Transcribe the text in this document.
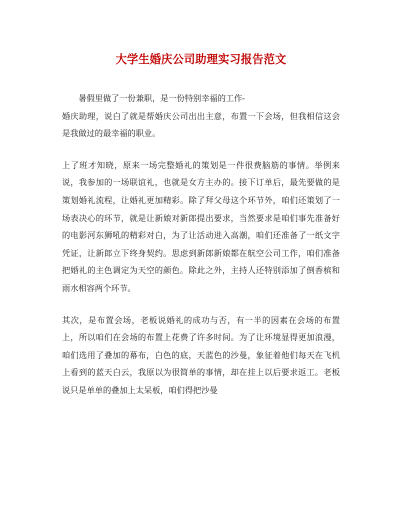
大学生婚庆公司助理实习报告范文

暑假里做了一份兼职，是一份特别幸福的工作-

婚庆助理，说白了就是帮婚庆公司出出主意，布置一下会场，但我相信这会是我做过的最幸福的职业。

上了班才知晓，原来一场完整婚礼的策划是一件很费脑筋的事情。举例来说，我参加的一场联谊礼，也就是女方主办的。接下订单后，最先要做的是策划婚礼流程，让婚礼更加精彩。除了拜父母这个环节外，咱们还策划了一场表决心的环节，就是让新娘对新郎提出要求，当然要求是咱们事先准备好的电影河东狮吼的精彩对白，为了让活动进入高潮，咱们还准备了一纸文字凭证，让新郎立下终身契约。思虑到新郎新娘都在航空公司工作，咱们准备把婚礼的主色调定为天空的颜色。除此之外，主持人还特别添加了倒香槟和雨水相容两个环节。

其次，是布置会场，老板说婚礼的成功与否，有一半的因素在会场的布置上，所以咱们在会场的布置上花费了许多时间。为了让环境显得更加浪漫，咱们选用了叠加的幕布，白色的底，天蓝色的沙曼，象征着他们每天在飞机上看到的蓝天白云，我原以为很简单的事情，却在挂上以后要求返工。老板说只是单单的叠加上太呆板，咱们得把沙曼
